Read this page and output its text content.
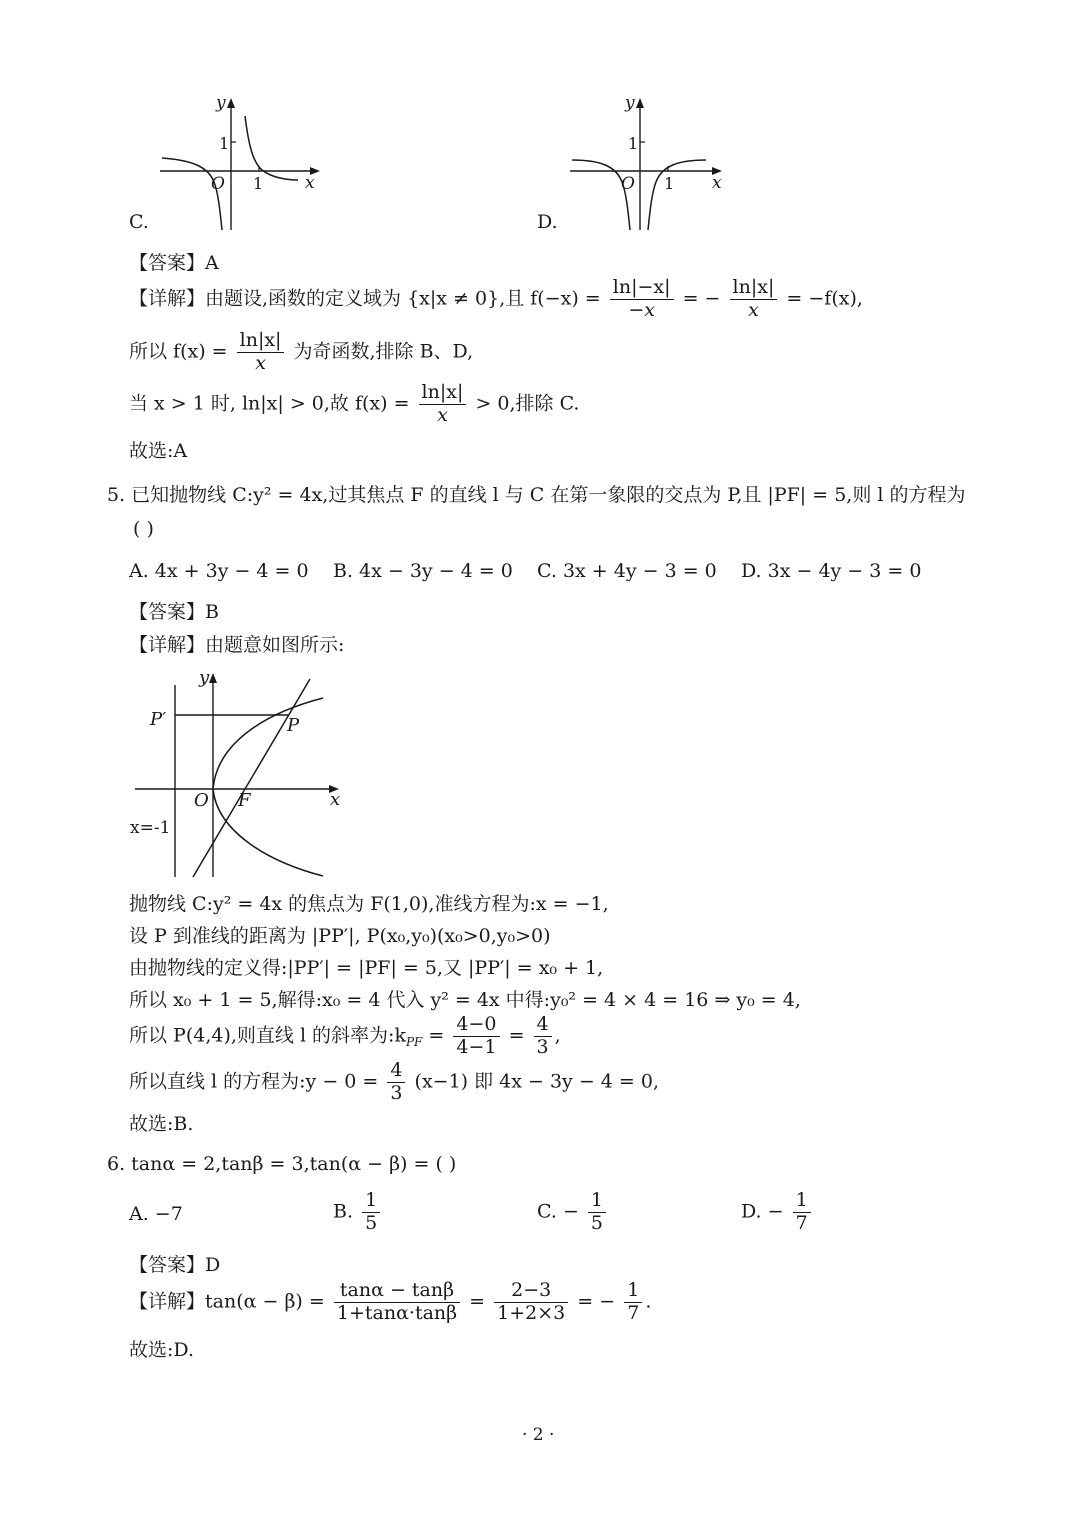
y
1
O 1 x
C.
y
1
O 1 x
D.
【答案】A
【详解】由题设,函数的定义域为 {x|x ≠ 0},且 $f(-x) = \frac{\ln|-x|}{-x}$ = − $\frac{\ln|x|}{x} = -f(x)$,
所以 $f(x) = \frac{\ln|x|}{x}$ 为奇函数,排除 B、D,
当 x > 1 时, ln|x| > 0,故 $f(x) = \frac{\ln|x|}{x} > 0$,排除 C.
故选:A
5. 已知抛物线 C:y² = 4x,过其焦点 F 的直线 l 与 C 在第一象限的交点为 P,且 |PF| = 5,则 l 的方程为
( )
A. 4x + 3y − 4 = 0 B. 4x − 3y − 4 = 0 C. 3x + 4y − 3 = 0 D. 3x − 4y − 3 = 0
【答案】B
【详解】由题意如图所示:
y
P′	P
O F	x
x=-1
抛物线 C:y² = 4x 的焦点为 F(1,0),准线方程为:x = −1,
设 P 到准线的距离为 |PP′|, P(x₀,y₀)(x₀>0,y₀>0)
由抛物线的定义得:|PP′| = |PF| = 5,又 |PP′| = x₀ + 1,
所以 x₀ + 1 = 5,解得:x₀ = 4 代入 y² = 4x 中得:y₀² = 4 × 4 = 16 ⇒ y₀ = 4,
所以 P(4,4),则直线 l 的斜率为$:k_{PF} = \frac{4-0}{4-1} = \frac{4}{3}$ ,
所以直线 l 的方程为:y − $0 = \frac{4}{3} (x-1)$ 即 4x − 3y − 4 = 0,
故选:B.
6. tanα = 2,tanβ = 3,tan(α − β) = ( )
A. −7	B. $\frac{1}{5}$	C. − $\frac{1}{5}$	D. − $\frac{1}{7}$
【答案】D
【详解】$\tan(\alpha - \beta) = \frac{\tan\alpha - \tan\beta}{1+\tan\alpha\cdot\tan\beta} = \frac{2-3}{1+2\times 3}$ = − $\frac{1}{7}$ .
故选:D.
· 2 ·
